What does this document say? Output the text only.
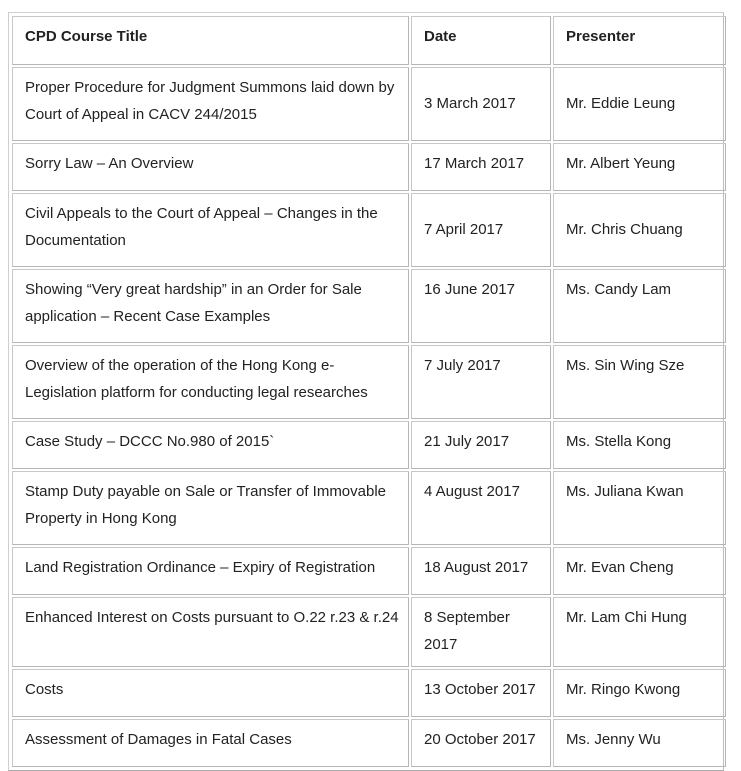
CPD Course Title	Date	Presenter
Proper Procedure for Judgment Summons laid down by Court of Appeal in CACV 244/2015	3 March 2017	Mr. Eddie Leung
Sorry Law – An Overview	17 March 2017	Mr. Albert Yeung
Civil Appeals to the Court of Appeal – Changes in the Documentation	7 April 2017	Mr. Chris Chuang
Showing “Very great hardship” in an Order for Sale application – Recent Case Examples	16 June 2017	Ms. Candy Lam
Overview of the operation of the Hong Kong e-Legislation platform for conducting legal researches	7 July 2017	Ms. Sin Wing Sze
Case Study – DCCC No.980 of 2015`	21 July 2017	Ms. Stella Kong
Stamp Duty payable on Sale or Transfer of Immovable Property in Hong Kong	4 August 2017	Ms. Juliana Kwan
Land Registration Ordinance – Expiry of Registration	18 August 2017	Mr. Evan Cheng
Enhanced Interest on Costs pursuant to O.22 r.23 & r.24	8 September 2017	Mr. Lam Chi Hung
Costs	13 October 2017	Mr. Ringo Kwong
Assessment of Damages in Fatal Cases	20 October 2017	Ms. Jenny Wu
